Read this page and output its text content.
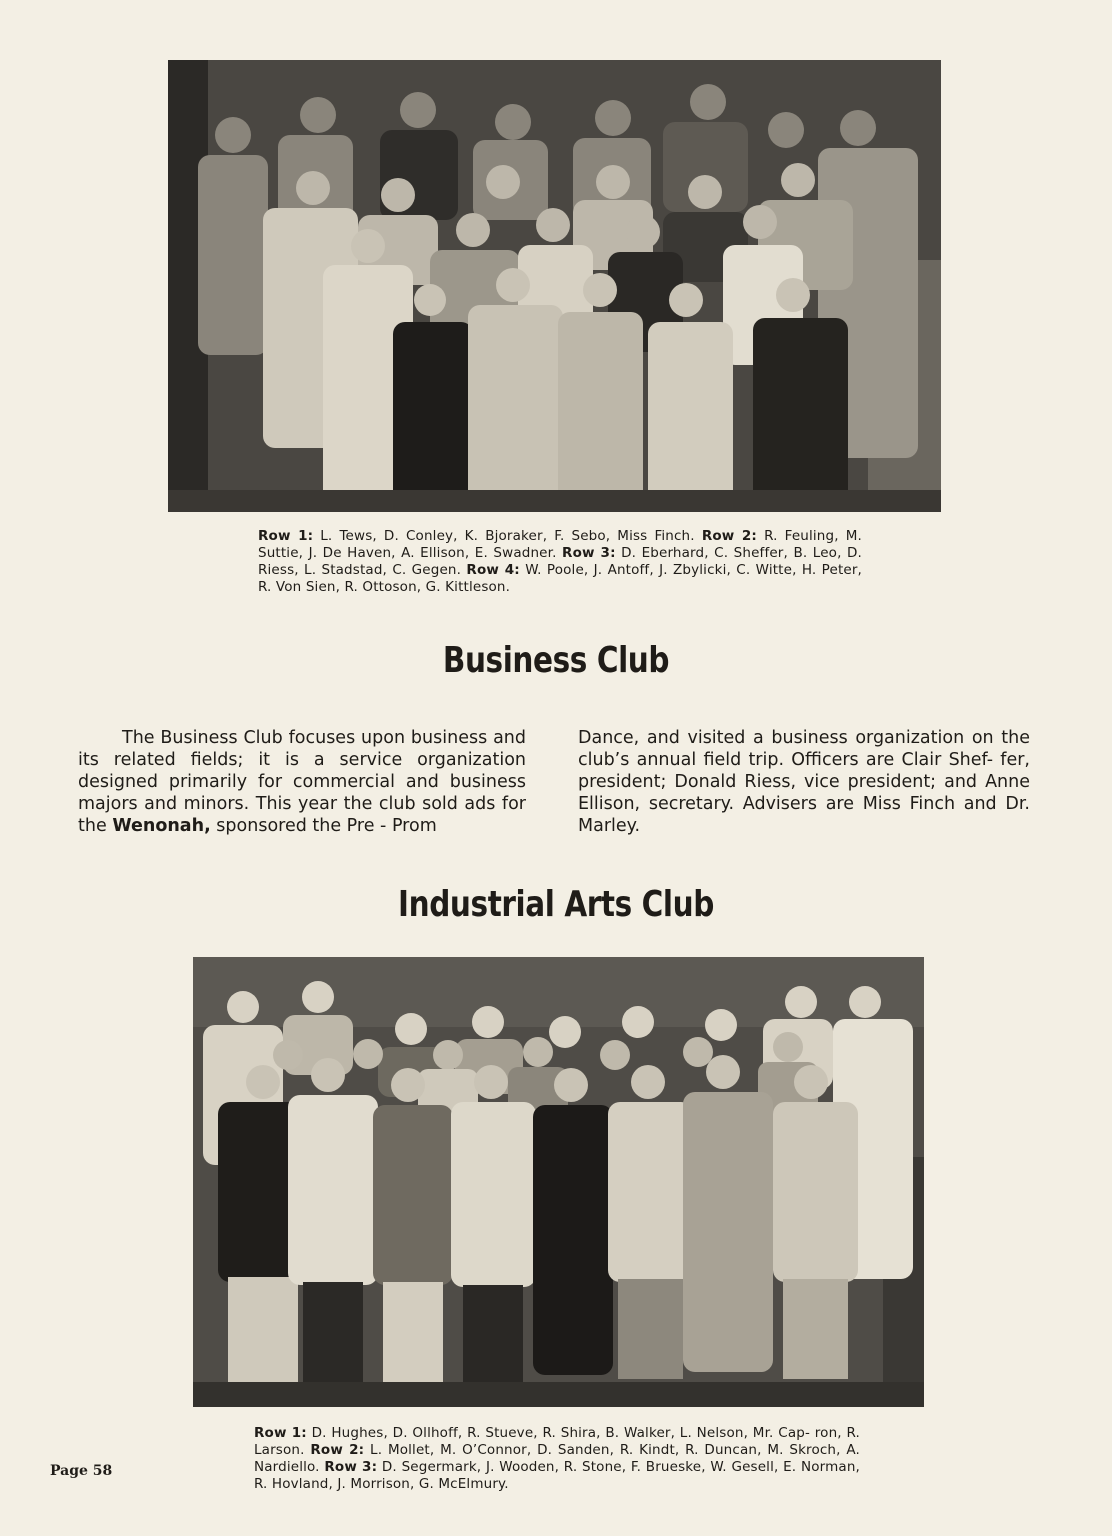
Row 1: L. Tews, D. Conley, K. Bjoraker, F. Sebo, Miss Finch. Row 2: R. Feuling, M. Suttie, J. De Haven, A. Ellison, E. Swadner. Row 3: D. Eberhard, C. Sheffer, B. Leo, D. Riess, L. Stadstad, C. Gegen. Row 4: W. Poole, J. Antoff, J. Zbylicki, C. Witte, H. Peter, R. Von Sien, R. Ottoson, G. Kittleson.
Business Club
The Business Club focuses upon business and its related fields; it is a service organization designed primarily for commercial and business majors and minors. This year the club sold ads for the Wenonah, sponsored the Pre - Prom
Dance, and visited a business organization on the club’s annual field trip. Officers are Clair Shef- fer, president; Donald Riess, vice president; and Anne Ellison, secretary. Advisers are Miss Finch and Dr. Marley.
Industrial Arts Club
Row 1: D. Hughes, D. Ollhoff, R. Stueve, R. Shira, B. Walker, L. Nelson, Mr. Cap- ron, R. Larson. Row 2: L. Mollet, M. O’Connor, D. Sanden, R. Kindt, R. Duncan, M. Skroch, A. Nardiello. Row 3: D. Segermark, J. Wooden, R. Stone, F. Brueske, W. Gesell, E. Norman, R. Hovland, J. Morrison, G. McElmury.
Page 58
